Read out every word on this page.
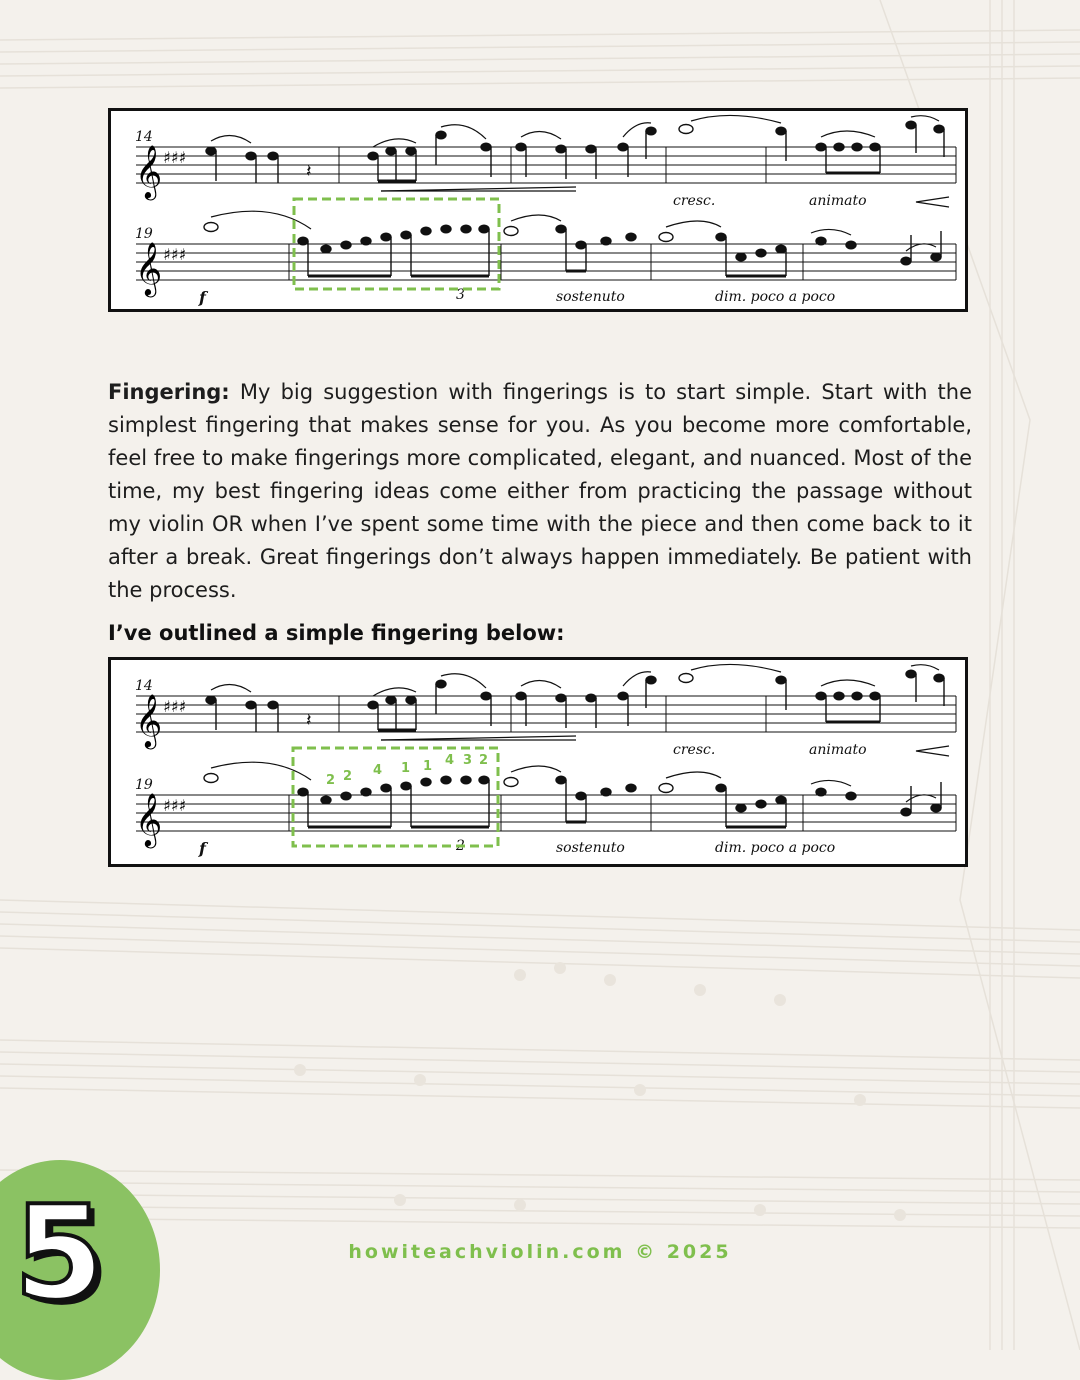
14
19
𝄞
𝄞
♯♯♯
♯♯♯
𝄽
cresc.	animato
f	sostenuto	dim. poco a poco
3

Fingering: My big suggestion with fingerings is to start simple. Start with the simplest fingering that makes sense for you. As you become more comfortable, feel free to make fingerings more complicated, elegant, and nuanced. Most of the time, my best fingering ideas come either from practicing the passage without my violin OR when I’ve spent some time with the piece and then come back to it after a break. Great fingerings don’t always happen immediately. Be patient with the process.

I’ve outlined a simple fingering below:
14
19
𝄞
𝄞
♯♯♯
♯♯♯
𝄽
cresc.	animato
2 2 4 1 1 4 3 2
f	sostenuto	dim. poco a poco
2
5	howiteachviolin.com © 2025
